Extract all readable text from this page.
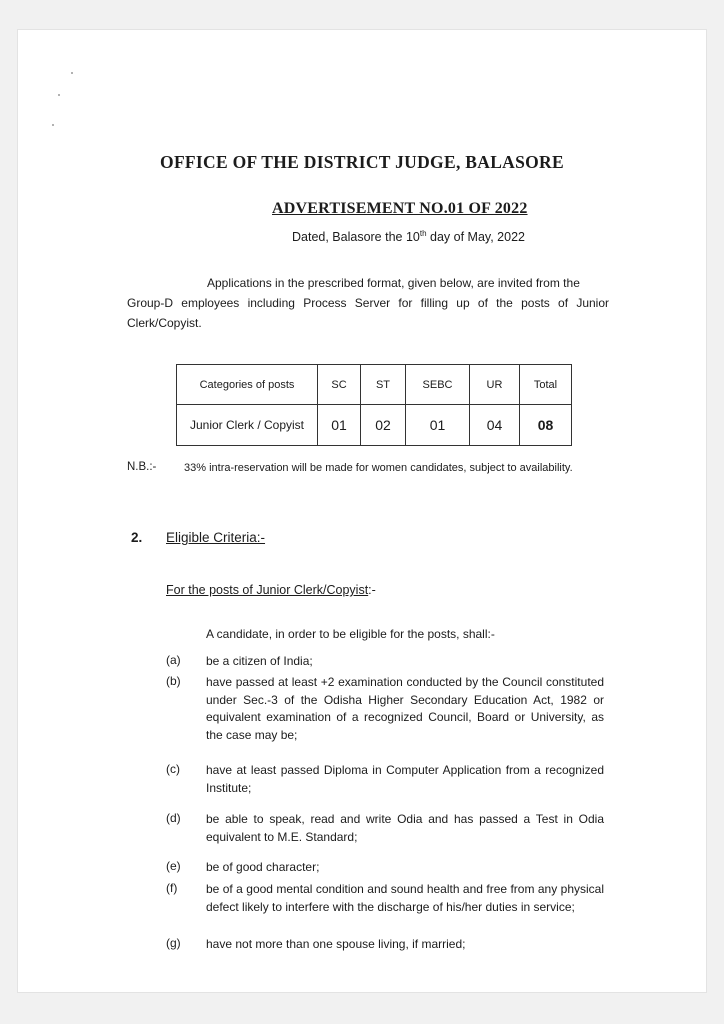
OFFICE OF THE DISTRICT JUDGE, BALASORE
ADVERTISEMENT NO.01 OF 2022
Dated, Balasore the 10th day of May, 2022
Applications in the prescribed format, given below, are invited from the
Group-D employees including Process Server for filling up of the posts of Junior Clerk/Copyist.
Categories of posts	SC	ST	SEBC	UR	Total
Junior Clerk / Copyist	01	02	01	04	08
N.B.:-	33% intra-reservation will be made for women candidates, subject to availability.
2. Eligible Criteria:-
For the posts of Junior Clerk/Copyist:-
A candidate, in order to be eligible for the posts, shall:-
(a) be a citizen of India;
(b) have passed at least +2 examination conducted by the Council constituted under Sec.-3 of the Odisha Higher Secondary Education Act, 1982 or equivalent examination of a recognized Council, Board or University, as the case may be;
(c) have at least passed Diploma in Computer Application from a recognized Institute;
(d) be able to speak, read and write Odia and has passed a Test in Odia equivalent to M.E. Standard;
(e) be of good character;
(f) be of a good mental condition and sound health and free from any physical defect likely to interfere with the discharge of his/her duties in service;
(g) have not more than one spouse living, if married;
